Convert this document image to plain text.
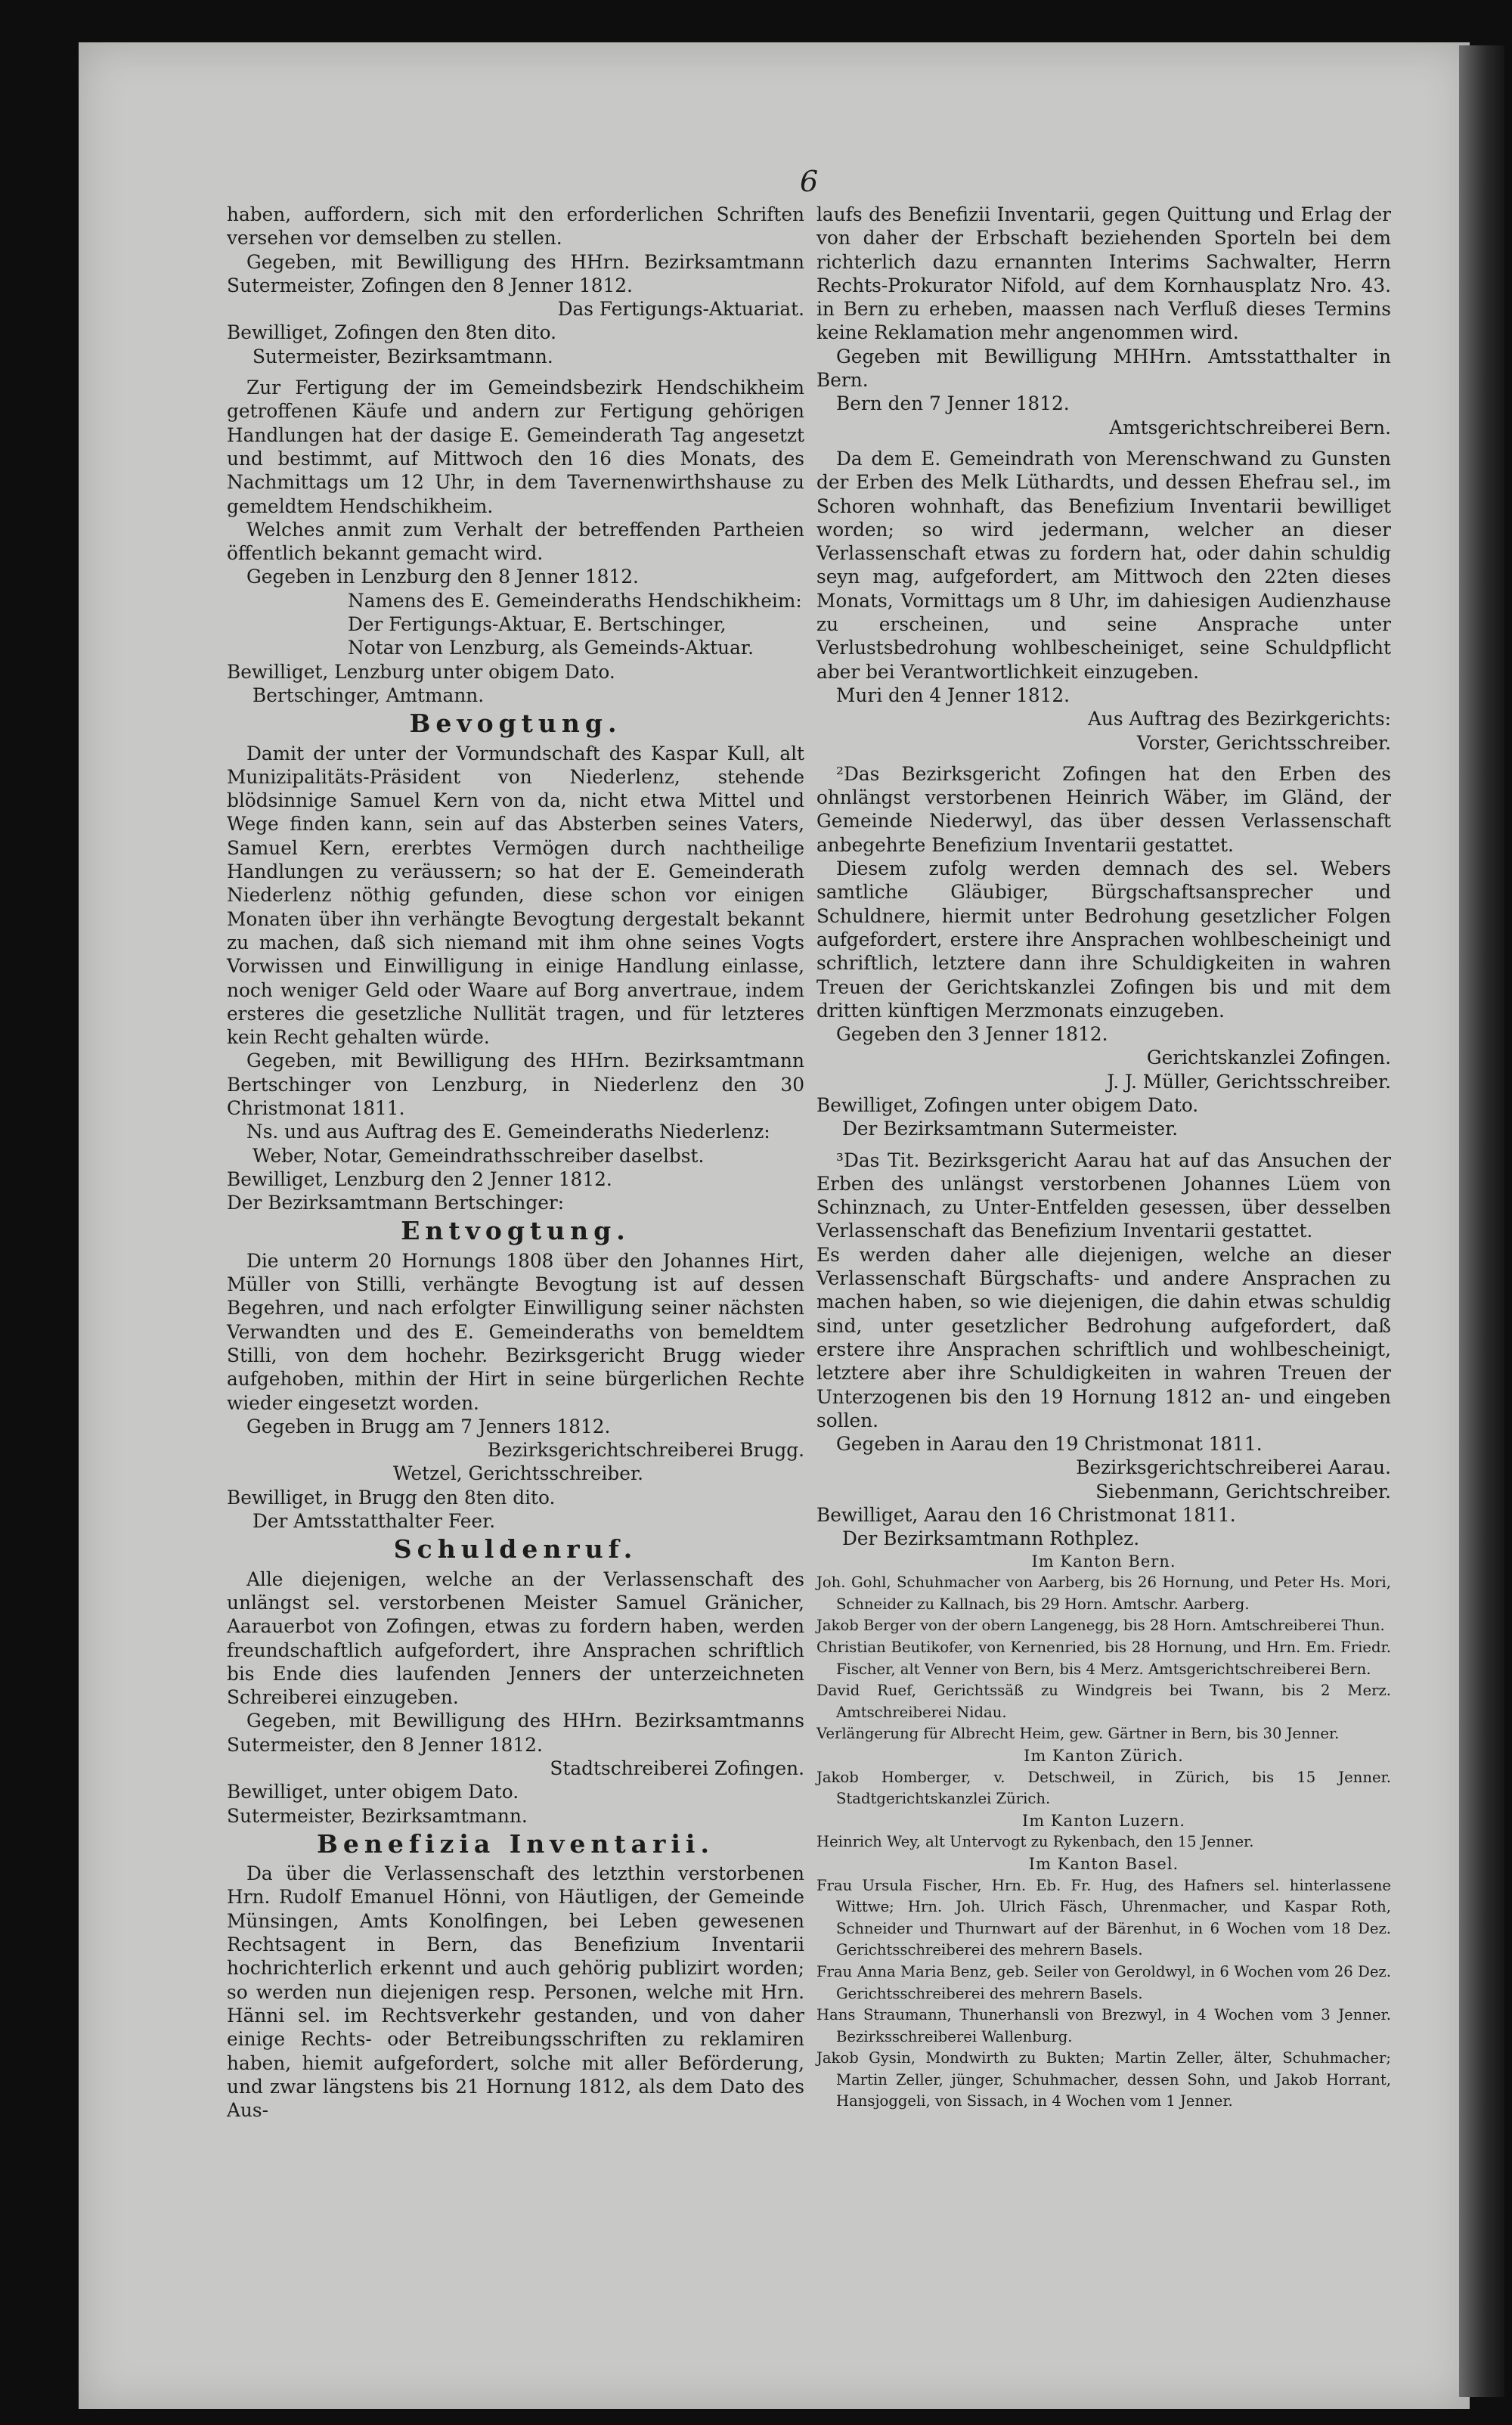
6

haben, auffordern, sich mit den erforderlichen Schriften versehen vor demselben zu stellen.

Gegeben, mit Bewilligung des HHrn. Bezirksamtmann Sutermeister, Zofingen den 8 Jenner 1812.

Das Fertigungs-Aktuariat.

Bewilliget, Zofingen den 8ten dito.

Sutermeister, Bezirksamtmann.

Zur Fertigung der im Gemeindsbezirk Hendschikheim getroffenen Käufe und andern zur Fertigung gehörigen Handlungen hat der dasige E. Gemeinderath Tag angesetzt und bestimmt, auf Mittwoch den 16 dies Monats, des Nachmittags um 12 Uhr, in dem Tavernenwirthshause zu gemeldtem Hendschikheim.

Welches anmit zum Verhalt der betreffenden Partheien öffentlich bekannt gemacht wird.

Gegeben in Lenzburg den 8 Jenner 1812.

Namens des E. Gemeinderaths Hendschikheim:

Der Fertigungs-Aktuar, E. Bertschinger,

Notar von Lenzburg, als Gemeinds-Aktuar.

Bewilliget, Lenzburg unter obigem Dato.

Bertschinger, Amtmann.

Bevogtung.

Damit der unter der Vormundschaft des Kaspar Kull, alt Munizipalitäts-Präsident von Niederlenz, stehende blödsinnige Samuel Kern von da, nicht etwa Mittel und Wege finden kann, sein auf das Absterben seines Vaters, Samuel Kern, ererbtes Vermögen durch nachtheilige Handlungen zu veräussern; so hat der E. Gemeinderath Niederlenz nöthig gefunden, diese schon vor einigen Monaten über ihn verhängte Bevogtung dergestalt bekannt zu machen, daß sich niemand mit ihm ohne seines Vogts Vorwissen und Einwilligung in einige Handlung einlasse, noch weniger Geld oder Waare auf Borg anvertraue, indem ersteres die gesetzliche Nullität tragen, und für letzteres kein Recht gehalten würde.

Gegeben, mit Bewilligung des HHrn. Bezirksamtmann Bertschinger von Lenzburg, in Niederlenz den 30 Christmonat 1811.

Ns. und aus Auftrag des E. Gemeinderaths Niederlenz:

Weber, Notar, Gemeindrathsschreiber daselbst.

Bewilliget, Lenzburg den 2 Jenner 1812.

Der Bezirksamtmann Bertschinger:

Entvogtung.

Die unterm 20 Hornungs 1808 über den Johannes Hirt, Müller von Stilli, verhängte Bevogtung ist auf dessen Begehren, und nach erfolgter Einwilligung seiner nächsten Verwandten und des E. Gemeinderaths von bemeldtem Stilli, von dem hochehr. Bezirksgericht Brugg wieder aufgehoben, mithin der Hirt in seine bürgerlichen Rechte wieder eingesetzt worden.

Gegeben in Brugg am 7 Jenners 1812.

Bezirksgerichtschreiberei Brugg.

Wetzel, Gerichtsschreiber.

Bewilliget, in Brugg den 8ten dito.

Der Amtsstatthalter Feer.

Schuldenruf.

Alle diejenigen, welche an der Verlassenschaft des unlängst sel. verstorbenen Meister Samuel Gränicher, Aarauerbot von Zofingen, etwas zu fordern haben, werden freundschaftlich aufgefordert, ihre Ansprachen schriftlich bis Ende dies laufenden Jenners der unterzeichneten Schreiberei einzugeben.

Gegeben, mit Bewilligung des HHrn. Bezirksamtmanns Sutermeister, den 8 Jenner 1812.

Stadtschreiberei Zofingen.

Bewilliget, unter obigem Dato.

Sutermeister, Bezirksamtmann.

Benefizia Inventarii.

Da über die Verlassenschaft des letzthin verstorbenen Hrn. Rudolf Emanuel Hönni, von Häutligen, der Gemeinde Münsingen, Amts Konolfingen, bei Leben gewesenen Rechtsagent in Bern, das Benefizium Inventarii hochrichterlich erkennt und auch gehörig publizirt worden; so werden nun diejenigen resp. Personen, welche mit Hrn. Hänni sel. im Rechtsverkehr gestanden, und von daher einige Rechts- oder Betreibungsschriften zu reklamiren haben, hiemit aufgefordert, solche mit aller Beförderung, und zwar längstens bis 21 Hornung 1812, als dem Dato des Aus-

laufs des Benefizii Inventarii, gegen Quittung und Erlag der von daher der Erbschaft beziehenden Sporteln bei dem richterlich dazu ernannten Interims Sachwalter, Herrn Rechts-Prokurator Nifold, auf dem Kornhausplatz Nro. 43. in Bern zu erheben, maassen nach Verfluß dieses Termins keine Reklamation mehr angenommen wird.

Gegeben mit Bewilligung MHHrn. Amtsstatthalter in Bern.

Bern den 7 Jenner 1812.

Amtsgerichtschreiberei Bern.

Da dem E. Gemeindrath von Merenschwand zu Gunsten der Erben des Melk Lüthardts, und dessen Ehefrau sel., im Schoren wohnhaft, das Benefizium Inventarii bewilliget worden; so wird jedermann, welcher an dieser Verlassenschaft etwas zu fordern hat, oder dahin schuldig seyn mag, aufgefordert, am Mittwoch den 22ten dieses Monats, Vormittags um 8 Uhr, im dahiesigen Audienzhause zu erscheinen, und seine Ansprache unter Verlustsbedrohung wohlbescheiniget, seine Schuldpflicht aber bei Verantwortlichkeit einzugeben.

Muri den 4 Jenner 1812.

Aus Auftrag des Bezirkgerichts:

Vorster, Gerichtsschreiber.

²Das Bezirksgericht Zofingen hat den Erben des ohnlängst verstorbenen Heinrich Wäber, im Gländ, der Gemeinde Niederwyl, das über dessen Verlassenschaft anbegehrte Benefizium Inventarii gestattet.

Diesem zufolg werden demnach des sel. Webers samtliche Gläubiger, Bürgschaftsansprecher und Schuldnere, hiermit unter Bedrohung gesetzlicher Folgen aufgefordert, erstere ihre Ansprachen wohlbescheinigt und schriftlich, letztere dann ihre Schuldigkeiten in wahren Treuen der Gerichtskanzlei Zofingen bis und mit dem dritten künftigen Merzmonats einzugeben.

Gegeben den 3 Jenner 1812.

Gerichtskanzlei Zofingen.

J. J. Müller, Gerichtsschreiber.

Bewilliget, Zofingen unter obigem Dato.

Der Bezirksamtmann Sutermeister.

³Das Tit. Bezirksgericht Aarau hat auf das Ansuchen der Erben des unlängst verstorbenen Johannes Lüem von Schinznach, zu Unter-Entfelden gesessen, über desselben Verlassenschaft das Benefizium Inventarii gestattet.

Es werden daher alle diejenigen, welche an dieser Verlassenschaft Bürgschafts- und andere Ansprachen zu machen haben, so wie diejenigen, die dahin etwas schuldig sind, unter gesetzlicher Bedrohung aufgefordert, daß erstere ihre Ansprachen schriftlich und wohlbescheinigt, letztere aber ihre Schuldigkeiten in wahren Treuen der Unterzogenen bis den 19 Hornung 1812 an- und eingeben sollen.

Gegeben in Aarau den 19 Christmonat 1811.

Bezirksgerichtschreiberei Aarau.

Siebenmann, Gerichtschreiber.

Bewilliget, Aarau den 16 Christmonat 1811.

Der Bezirksamtmann Rothplez.

Im Kanton Bern.

Joh. Gohl, Schuhmacher von Aarberg, bis 26 Hornung, und Peter Hs. Mori, Schneider zu Kallnach, bis 29 Horn. Amtschr. Aarberg.

Jakob Berger von der obern Langenegg, bis 28 Horn. Amtschreiberei Thun.

Christian Beutikofer, von Kernenried, bis 28 Hornung, und Hrn. Em. Friedr. Fischer, alt Venner von Bern, bis 4 Merz. Amtsgerichtschreiberei Bern.

David Ruef, Gerichtssäß zu Windgreis bei Twann, bis 2 Merz. Amtschreiberei Nidau.

Verlängerung für Albrecht Heim, gew. Gärtner in Bern, bis 30 Jenner.

Im Kanton Zürich.

Jakob Homberger, v. Detschweil, in Zürich, bis 15 Jenner. Stadtgerichtskanzlei Zürich.

Im Kanton Luzern.

Heinrich Wey, alt Untervogt zu Rykenbach, den 15 Jenner.

Im Kanton Basel.

Frau Ursula Fischer, Hrn. Eb. Fr. Hug, des Hafners sel. hinterlassene Wittwe; Hrn. Joh. Ulrich Fäsch, Uhrenmacher, und Kaspar Roth, Schneider und Thurnwart auf der Bärenhut, in 6 Wochen vom 18 Dez. Gerichtsschreiberei des mehrern Basels.

Frau Anna Maria Benz, geb. Seiler von Geroldwyl, in 6 Wochen vom 26 Dez. Gerichtsschreiberei des mehrern Basels.

Hans Straumann, Thunerhansli von Brezwyl, in 4 Wochen vom 3 Jenner. Bezirksschreiberei Wallenburg.

Jakob Gysin, Mondwirth zu Bukten; Martin Zeller, älter, Schuhmacher; Martin Zeller, jünger, Schuhmacher, dessen Sohn, und Jakob Horrant, Hansjoggeli, von Sissach, in 4 Wochen vom 1 Jenner.
